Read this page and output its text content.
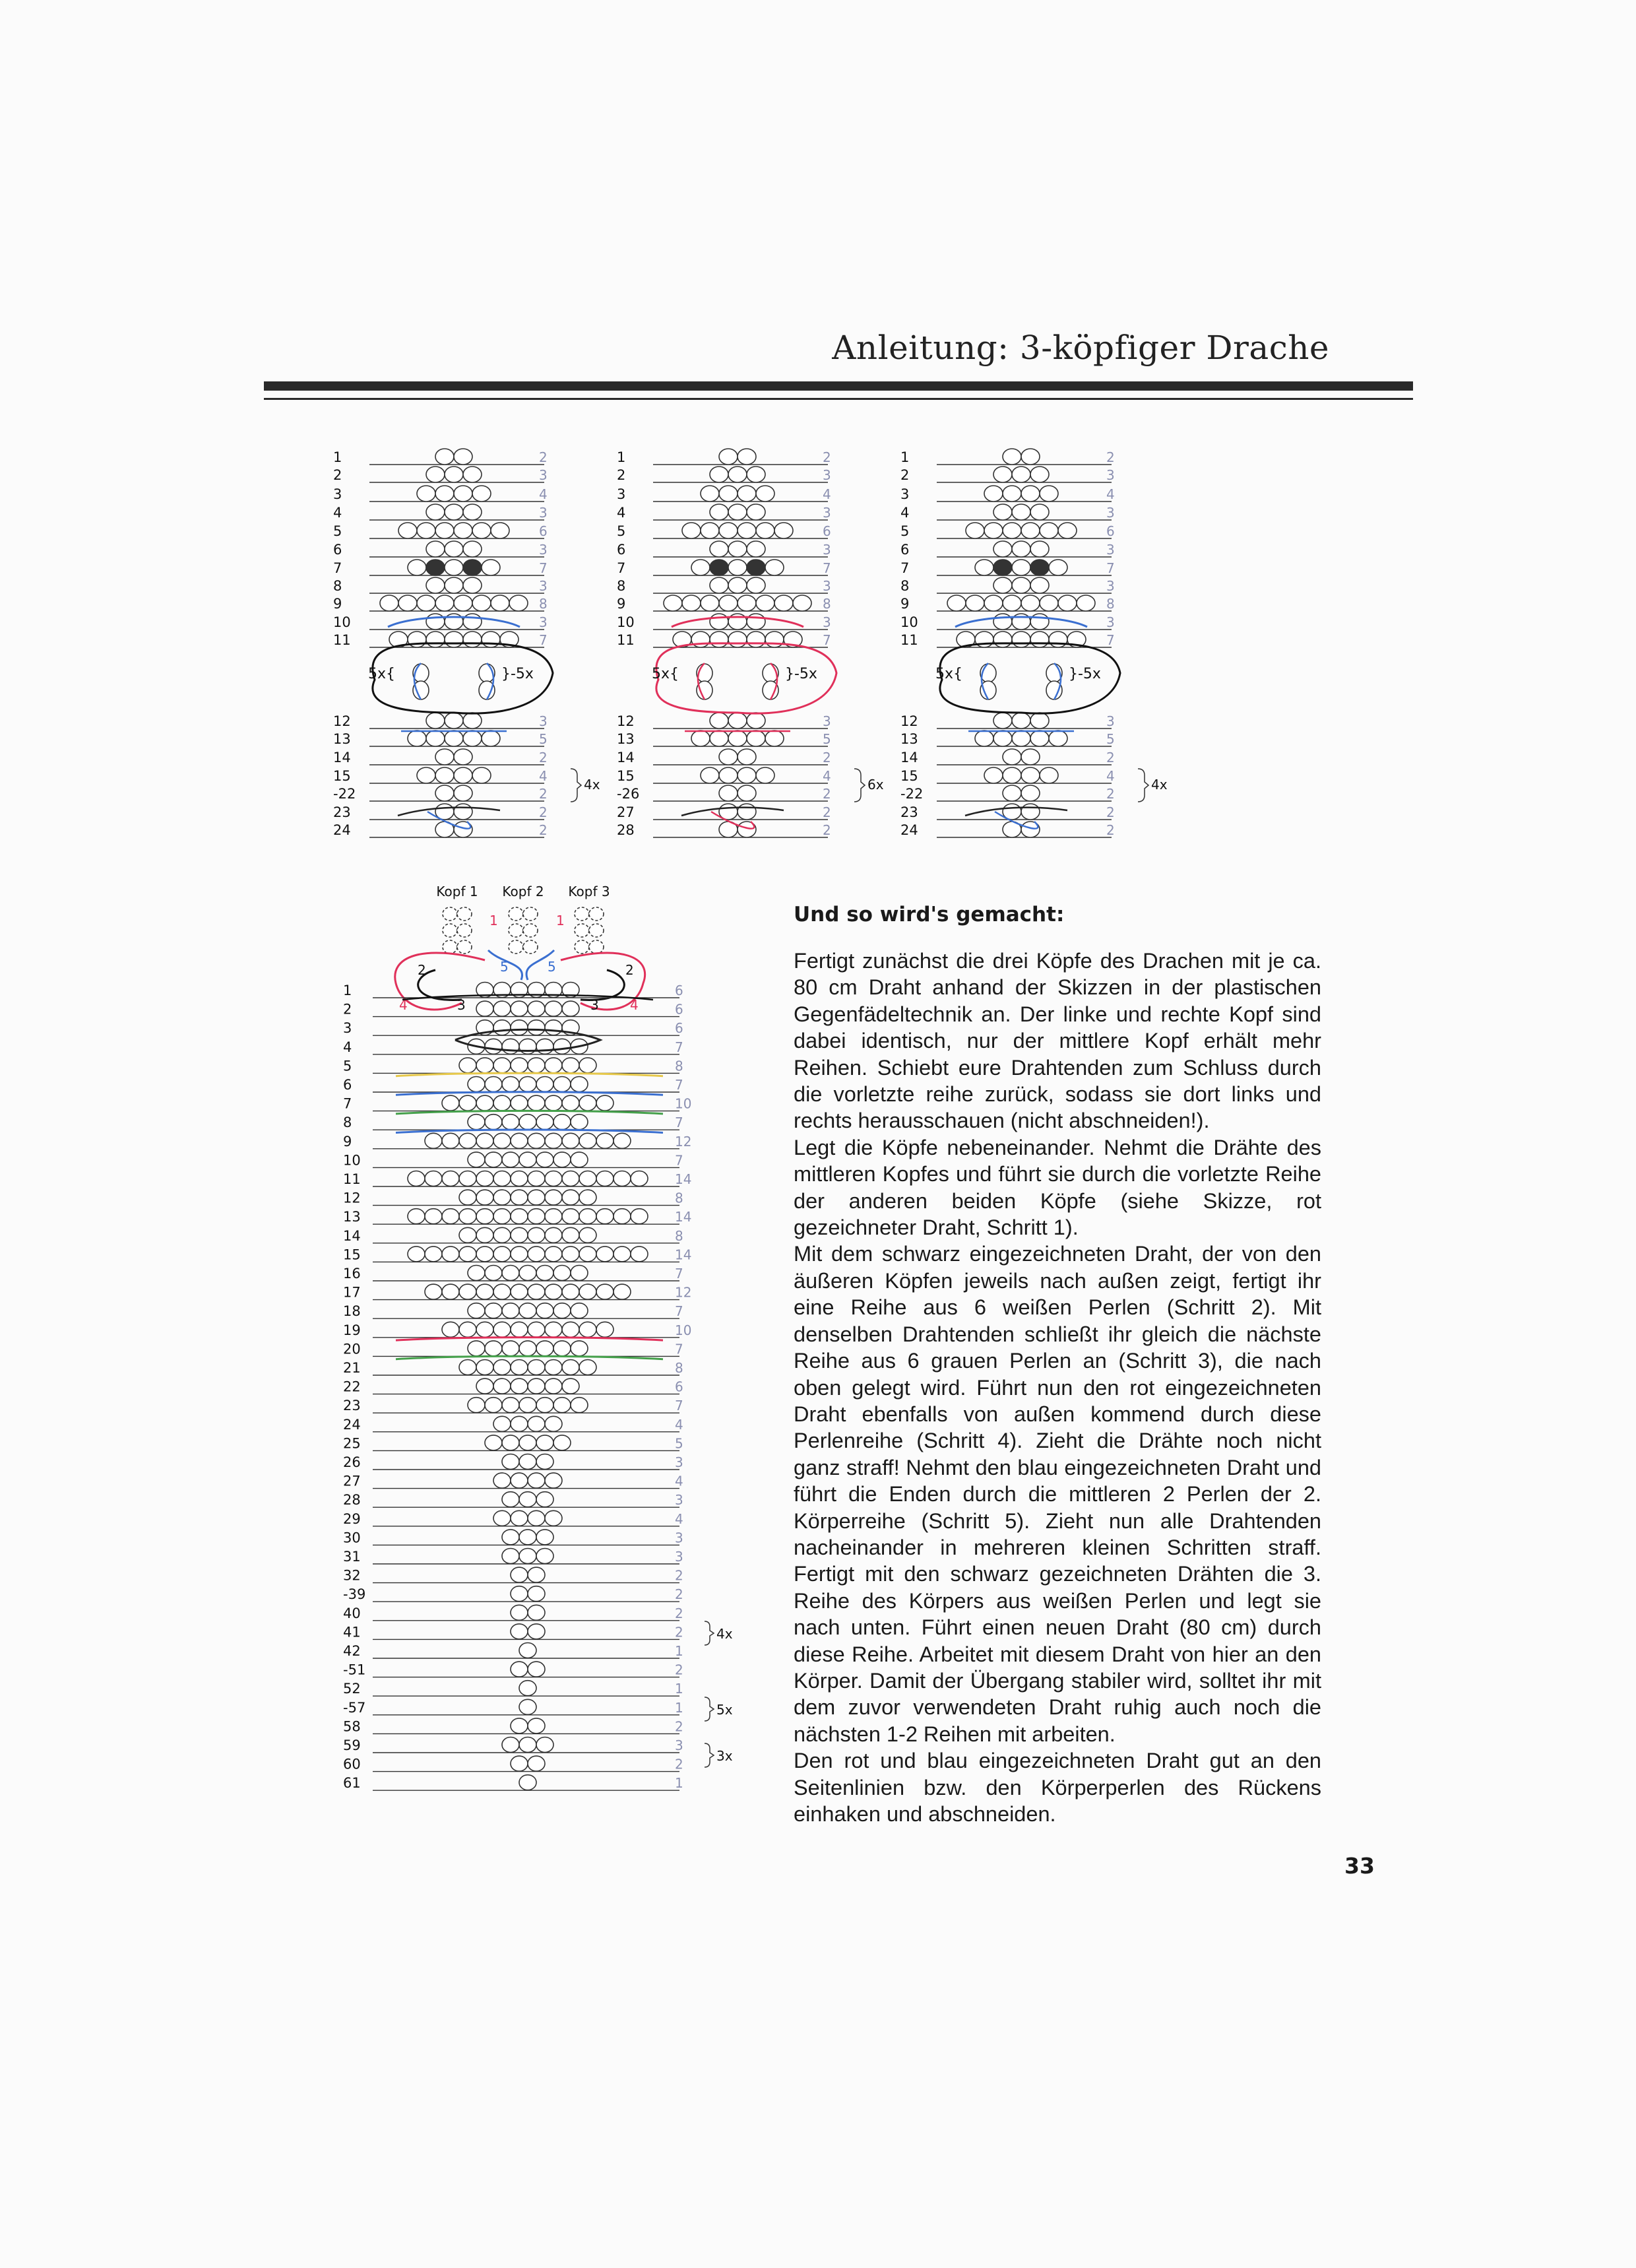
Anleitung: 3-köpfiger Drache
1	2
2	3
3	4
4	3
5	6
6	3
7	7
8	3
9	8
10	3
11	7
12	3
13	5
14	2
15	4
-22	2
23	2
24	2
5x{	}-5x
4x
1	2
2	3
3	4
4	3
5	6
6	3
7	7
8	3
9	8
10	3
11	7
12	3
13	5
14	2
15	4
-26	2
27	2
28	2
5x{	}-5x
6x
1	2
2	3
3	4
4	3
5	6
6	3
7	7
8	3
9	8
10	3
11	7
12	3
13	5
14	2
15	4
-22	2
23	2
24	2
5x{	}-5x
4x
Kopf 1 Kopf 2 Kopf 3
1	1
2	2
3	3
4	4
5	5
1	6
2	6
3	6
4	7
5	8
6	7
7	10
8	7
9	12
10	7
11	14
12	8
13	14
14	8
15	14
16	7
17	12
18	7
19	10
20	7
21	8
22	6
23	7
24	4
25	5
26	3
27	4
28	3
29	4
30	3
31	3
32	2
-39	2
40	2
41	2
42	1
-51	2
52	1
-57	1
58	2
59	3
60	2
61	1
4x
5x
3x
Und so wird's gemacht:

Fertigt zunächst die drei Köpfe des Drachen mit je ca. 80 cm Draht anhand der Skizzen in der plastischen Gegenfädeltechnik an. Der linke und rechte Kopf sind dabei identisch, nur der mittlere Kopf erhält mehr Reihen. Schiebt eure Drahtenden zum Schluss durch die vorletzte reihe zurück, sodass sie dort links und rechts herausschauen (nicht abschneiden!).

Legt die Köpfe nebeneinander. Nehmt die Drähte des mittleren Kopfes und führt sie durch die vorletzte Reihe der anderen beiden Köpfe (siehe Skizze, rot gezeichneter Draht, Schritt 1).

Mit dem schwarz eingezeichneten Draht, der von den äußeren Köpfen jeweils nach außen zeigt, fertigt ihr eine Reihe aus 6 weißen Perlen (Schritt 2). Mit denselben Drahtenden schließt ihr gleich die nächste Reihe aus 6 grauen Perlen an (Schritt 3), die nach oben gelegt wird. Führt nun den rot eingezeichneten Draht ebenfalls von außen kommend durch diese Perlenreihe (Schritt 4). Zieht die Drähte noch nicht ganz straff! Nehmt den blau eingezeichneten Draht und führt die Enden durch die mittleren 2 Perlen der 2. Körperreihe (Schritt 5). Zieht nun alle Drahtenden nacheinander in mehreren kleinen Schritten straff. Fertigt mit den schwarz gezeichneten Drähten die 3. Reihe des Körpers aus weißen Perlen und legt sie nach unten. Führt einen neuen Draht (80 cm) durch diese Reihe. Arbeitet mit diesem Draht von hier an den Körper. Damit der Übergang stabiler wird, solltet ihr mit dem zuvor verwendeten Draht ruhig auch noch die nächsten 1-2 Reihen mit arbeiten.

Den rot und blau eingezeichneten Draht gut an den Seitenlinien bzw. den Körperperlen des Rückens einhaken und abschneiden.

33
